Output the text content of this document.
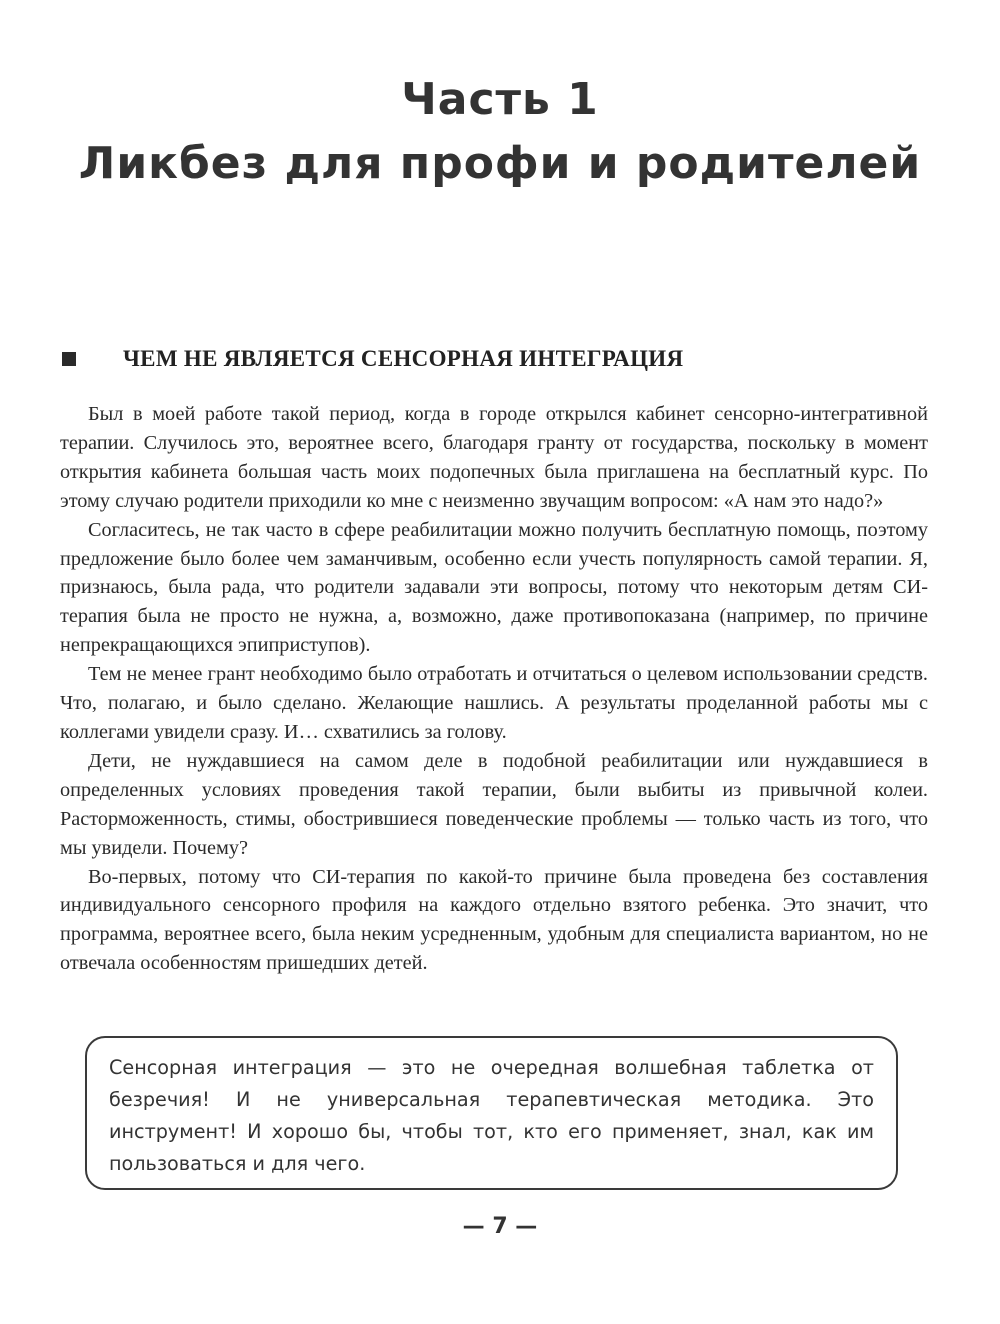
Часть 1
Ликбез для профи и родителей
ЧЕМ НЕ ЯВЛЯЕТСЯ СЕНСОРНАЯ ИНТЕГРАЦИЯ

Был в моей работе такой период, когда в городе открылся кабинет сенсорно-интегративной терапии. Случилось это, вероятнее всего, благодаря гранту от государства, поскольку в момент открытия кабинета большая часть моих подопечных была приглашена на бесплатный курс. По этому случаю родители приходили ко мне с неизменно звучащим вопросом: «А нам это надо?»

Согласитесь, не так часто в сфере реабилитации можно получить бесплатную помощь, поэтому предложение было более чем заманчивым, особенно если учесть популярность самой терапии. Я, признаюсь, была рада, что родители задавали эти вопросы, потому что некоторым детям СИ-терапия была не просто не нужна, а, возможно, даже противопоказана (например, по причине непрекращающихся эпиприступов).

Тем не менее грант необходимо было отработать и отчитаться о целевом использовании средств. Что, полагаю, и было сделано. Желающие нашлись. А результаты проделанной работы мы с коллегами увидели сразу. И… схватились за голову.

Дети, не нуждавшиеся на самом деле в подобной реабилитации или нуждавшиеся в определенных условиях проведения такой терапии, были выбиты из привычной колеи. Расторможенность, стимы, обострившиеся поведенческие проблемы — только часть из того, что мы увидели. Почему?

Во-первых, потому что СИ-терапия по какой-то причине была проведена без составления индивидуального сенсорного профиля на каждого отдельно взятого ребенка. Это значит, что программа, вероятнее всего, была неким усредненным, удобным для специалиста вариантом, но не отвечала особенностям пришедших детей.

Сенсорная интеграция — это не очередная волшебная таблетка от безречия! И не универсальная терапевтическая методика. Это инструмент! И хорошо бы, чтобы тот, кто его применяет, знал, как им пользоваться и для чего.

— 7 —
